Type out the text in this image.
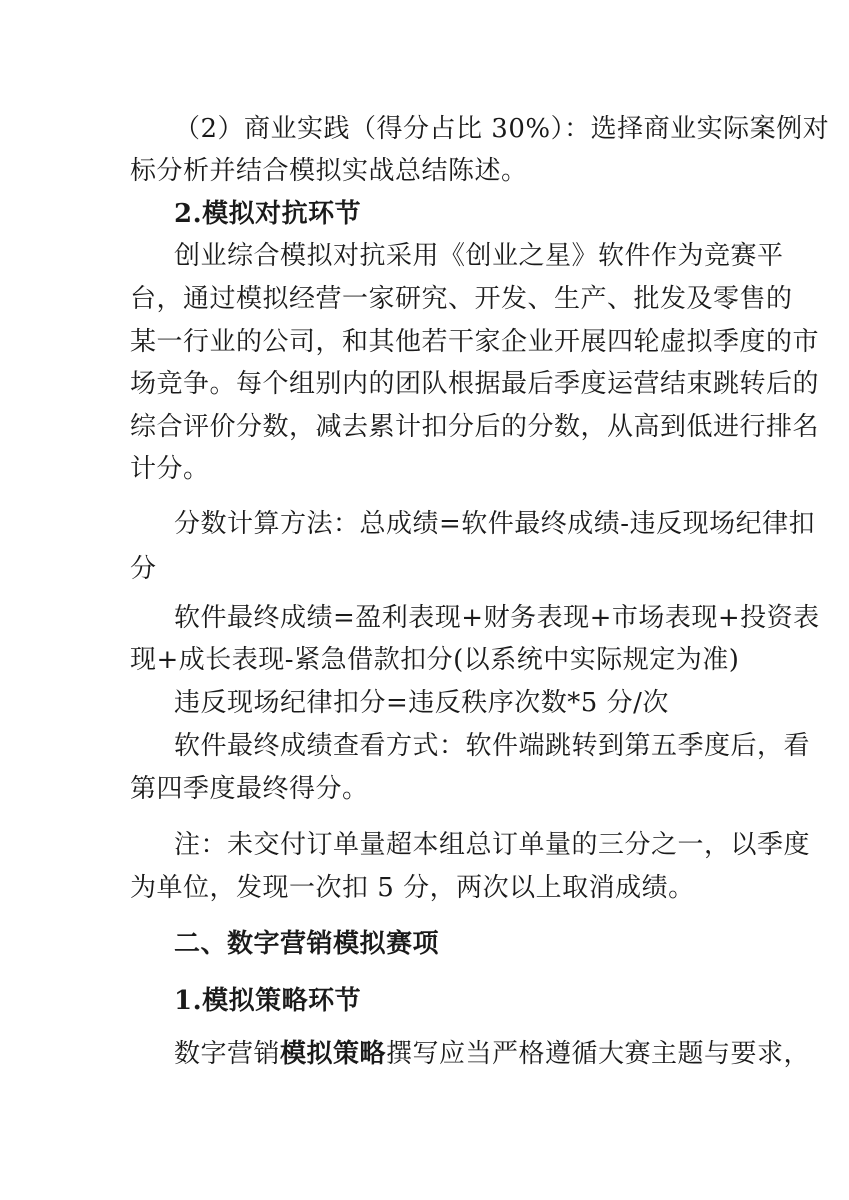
（2）商业实践（得分占比 30%）：选择商业实际案例对
标分析并结合模拟实战总结陈述。
2.模拟对抗环节
创业综合模拟对抗采用《创业之星》软件作为竞赛平
台，通过模拟经营一家研究、开发、生产、批发及零售的
某一行业的公司，和其他若干家企业开展四轮虚拟季度的市
场竞争。每个组别内的团队根据最后季度运营结束跳转后的
综合评价分数，减去累计扣分后的分数，从高到低进行排名
计分。
分数计算方法：总成绩=软件最终成绩-违反现场纪律扣
分
软件最终成绩=盈利表现+财务表现+市场表现+投资表
现+成长表现-紧急借款扣分(以系统中实际规定为准)
违反现场纪律扣分=违反秩序次数*5 分/次
软件最终成绩查看方式：软件端跳转到第五季度后，看
第四季度最终得分。
注：未交付订单量超本组总订单量的三分之一，以季度
为单位，发现一次扣 5 分，两次以上取消成绩。
二、数字营销模拟赛项
1.模拟策略环节
数字营销模拟策略撰写应当严格遵循大赛主题与要求，
